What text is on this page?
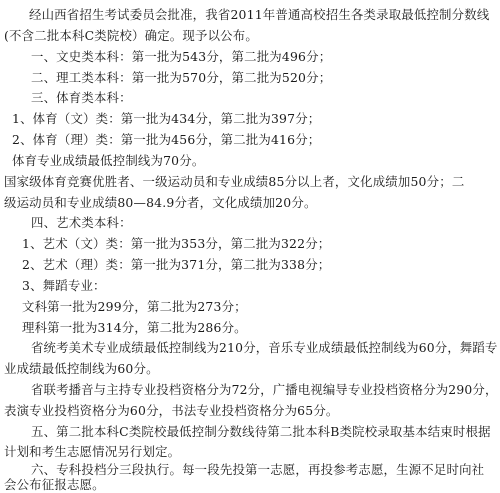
经山西省招生考试委员会批准，我省2011年普通高校招生各类录取最低控制分数线
(不含二批本科C类院校）确定。现予以公布。
一、文史类本科：第一批为543分，第二批为496分；
二、理工类本科：第一批为570分，第二批为520分；
三、体育类本科：
1、体育（文）类：第一批为434分，第二批为397分；
2、体育（理）类：第一批为456分，第二批为416分；
体育专业成绩最低控制线为70分。
国家级体育竞赛优胜者、一级运动员和专业成绩85分以上者，文化成绩加50分；二
级运动员和专业成绩80—84.9分者，文化成绩加20分。
四、艺术类本科：
1、艺术（文）类：第一批为353分，第二批为322分；
2、艺术（理）类：第一批为371分，第二批为338分；
3、舞蹈专业：
文科第一批为299分，第二批为273分；
理科第一批为314分，第二批为286分。
省统考美术专业成绩最低控制线为210分，音乐专业成绩最低控制线为60分，舞蹈专
业成绩最低控制线为60分。
省联考播音与主持专业投档资格分为72分，广播电视编导专业投档资格分为290分，
表演专业投档资格分为60分，书法专业投档资格分为65分。
五、第二批本科C类院校最低控制分数线待第二批本科B类院校录取基本结束时根据
计划和考生志愿情况另行划定。
六、专科投档分三段执行。每一段先投第一志愿，再投参考志愿，生源不足时向社
会公布征报志愿。
